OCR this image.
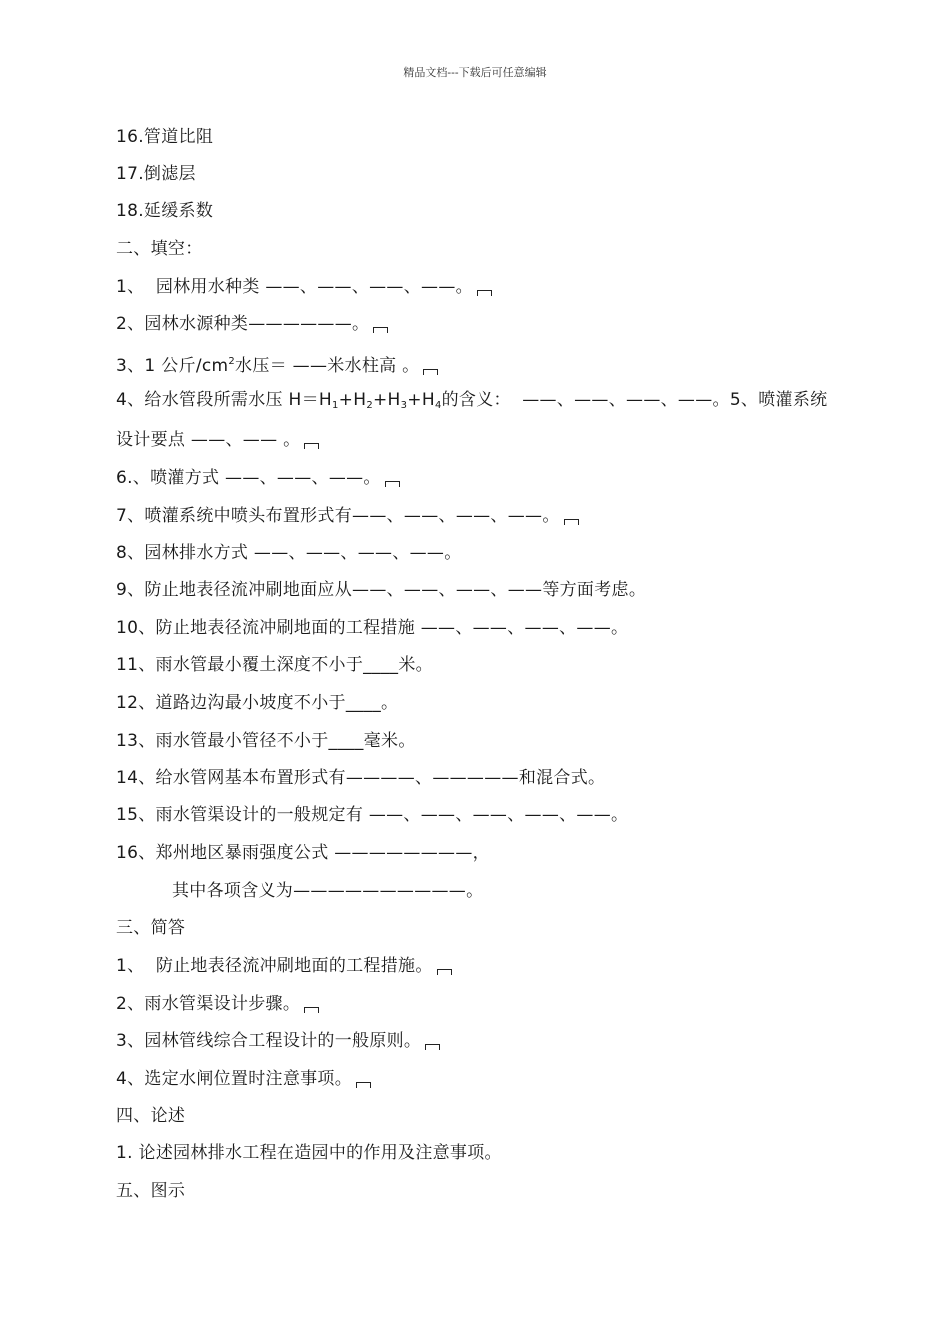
精品文档---下载后可任意编辑
16.管道比阻
17.倒滤层
18.延缓系数
二、填空：
1、  园林用水种类 ——、——、——、——。
2、园林水源种类——————。
3、1 公斤$/cm^2$水压＝ ——米水柱高 。
4、给水管段所需水压 $H=H_1+H_2+H_3+H_4$的含义：  ——、——、——、——。5、喷灌系统
设计要点 ——、—— 。
6.、喷灌方式 ——、——、——。
7、喷灌系统中喷头布置形式有——、——、——、——。
8、园林排水方式 ——、——、——、——。
9、防止地表径流冲刷地面应从——、——、——、——等方面考虑。
10、防止地表径流冲刷地面的工程措施 ——、——、——、——。
11、雨水管最小覆土深度不小于____米。
12、道路边沟最小坡度不小于____。
13、雨水管最小管径不小于____毫米。
14、给水管网基本布置形式有————、—————和混合式。
15、雨水管渠设计的一般规定有 ——、——、——、——、——。
16、郑州地区暴雨强度公式 ————————，
其中各项含义为——————————。
三、简答
1、  防止地表径流冲刷地面的工程措施。
2、雨水管渠设计步骤。
3、园林管线综合工程设计的一般原则。
4、选定水闸位置时注意事项。
四、论述
1. 论述园林排水工程在造园中的作用及注意事项。
五、图示
